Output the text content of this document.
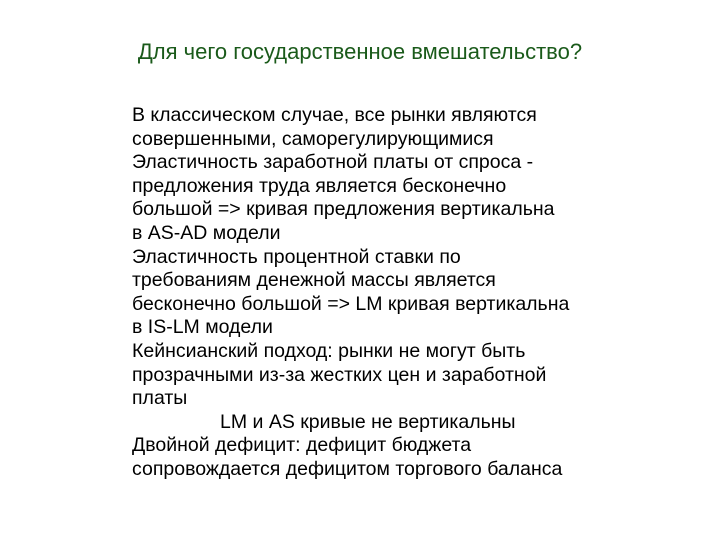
Для чего государственное вмешательство?
В классическом случае, все рынки являются
совершенными, саморегулирующимися
Эластичность заработной платы от спроса -
предложения труда является бесконечно
большой => кривая предложения вертикальна
в AS-AD модели
Эластичность процентной ставки по
требованиям денежной массы является
бесконечно большой => LM кривая вертикальна
в IS-LM модели
Кейнсианский подход: рынки не могут быть
прозрачными из-за жестких цен и заработной
платы
LM и AS кривые не вертикальны
Двойной дефицит: дефицит бюджета
сопровождается дефицитом торгового баланса
